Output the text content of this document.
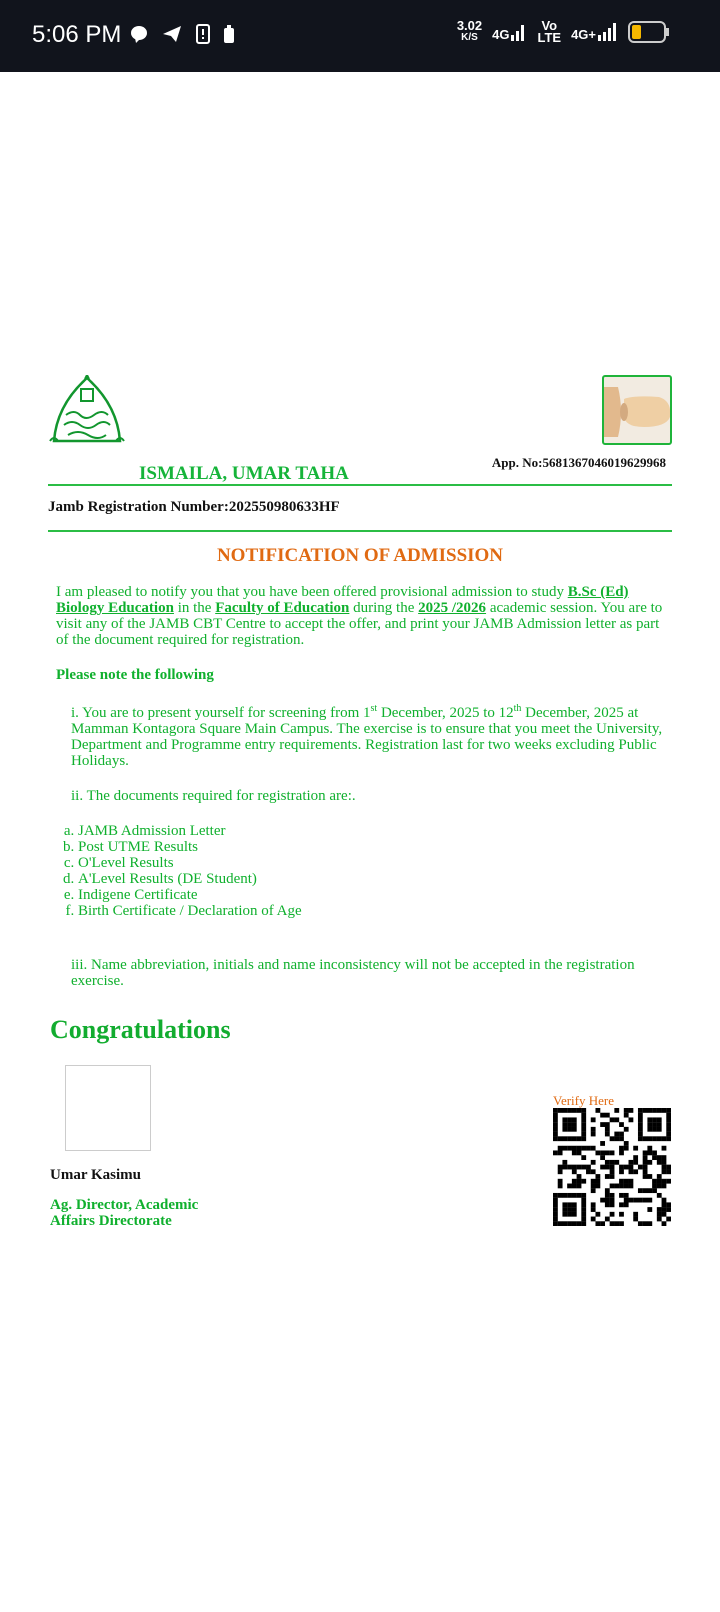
5:06 PM	3.02
K/S	4G
Vo
LTE 4G+
App. No:5681367046019629968
ISMAILA, UMAR TAHA
Jamb Registration Number:202550980633HF
NOTIFICATION OF ADMISSION

I am pleased to notify you that you have been offered provisional admission to study B.Sc (Ed) Biology Education in the Faculty of Education during the 2025 /2026 academic session. You are to visit any of the JAMB CBT Centre to accept the offer, and print your JAMB Admission letter as part of the document required for registration.

Please note the following

i. You are to present yourself for screening from 1st December, 2025 to 12th December, 2025 at Mamman Kontagora Square Main Campus. The exercise is to ensure that you meet the University, Department and Programme entry requirements. Registration last for two weeks excluding Public Holidays.

ii. The documents required for registration are:.

a. JAMB Admission Letter
b. Post UTME Results
c. O'Level Results
d. A'Level Results (DE Student)
e. Indigene Certificate
f. Birth Certificate / Declaration of Age

iii. Name abbreviation, initials and name inconsistency will not be accepted in the registration exercise.

Congratulations
Umar Kasimu
Ag. Director, Academic
Affairs Directorate
Verify Here
